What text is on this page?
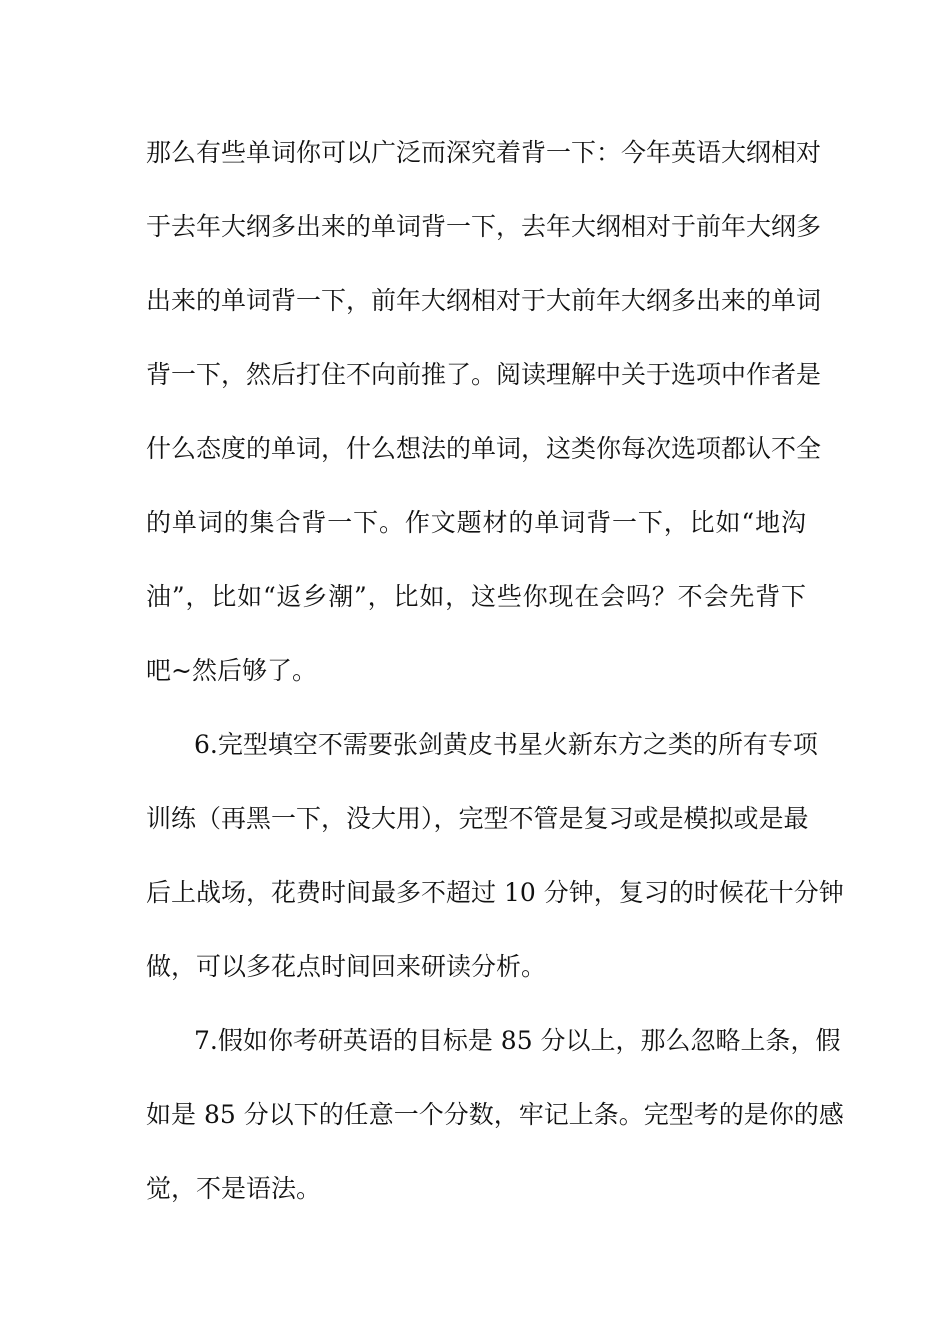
那么有些单词你可以广泛而深究着背一下：今年英语大纲相对
于去年大纲多出来的单词背一下，去年大纲相对于前年大纲多
出来的单词背一下，前年大纲相对于大前年大纲多出来的单词
背一下，然后打住不向前推了。阅读理解中关于选项中作者是
什么态度的单词，什么想法的单词，这类你每次选项都认不全
的单词的集合背一下。作文题材的单词背一下，比如“地沟
油”，比如“返乡潮”，比如，这些你现在会吗？不会先背下
吧~然后够了。
6.完型填空不需要张剑黄皮书星火新东方之类的所有专项
训练（再黑一下，没大用），完型不管是复习或是模拟或是最
后上战场，花费时间最多不超过 10 分钟，复习的时候花十分钟
做，可以多花点时间回来研读分析。
7.假如你考研英语的目标是 85 分以上，那么忽略上条，假
如是 85 分以下的任意一个分数，牢记上条。完型考的是你的感
觉，不是语法。
